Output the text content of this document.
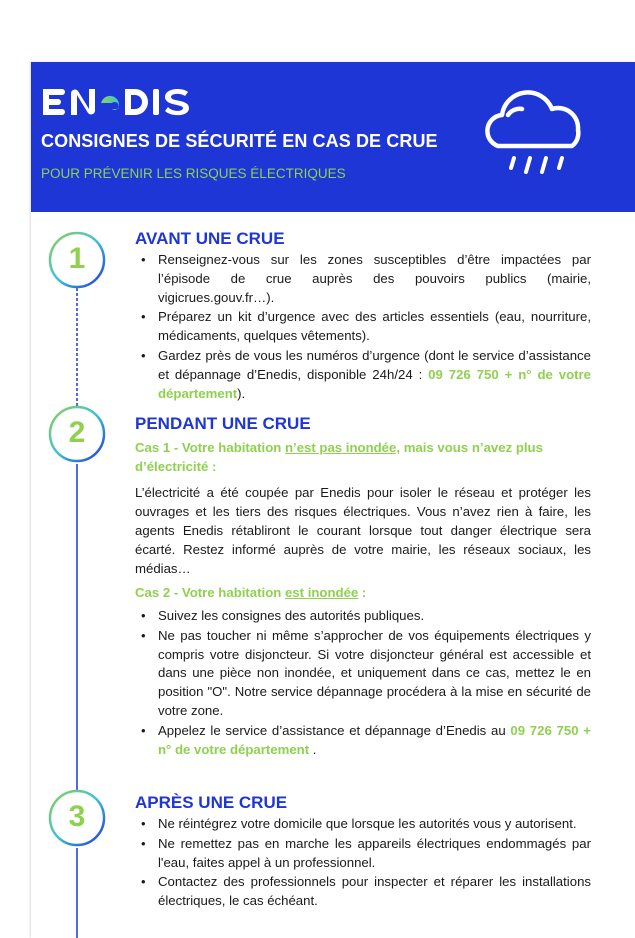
CONSIGNES DE SÉCURITÉ EN CAS DE CRUE
POUR PRÉVENIR LES RISQUES ÉLECTRIQUES
1
2
3
AVANT UNE CRUE
• Renseignez-vous sur les zones susceptibles d’être impactées par l’épisode de crue auprès des pouvoirs publics (mairie, vigicrues.gouv.fr…).
• Préparez un kit d’urgence avec des articles essentiels (eau, nourriture, médicaments, quelques vêtements).
• Gardez près de vous les numéros d’urgence (dont le service d’assistance et dépannage d’Enedis, disponible 24h/24 : 09 726 750 + n° de votre département).
PENDANT UNE CRUE
Cas 1 - Votre habitation n’est pas inondée, mais vous n’avez plus d’électricité :
L’électricité a été coupée par Enedis pour isoler le réseau et protéger les ouvrages et les tiers des risques électriques. Vous n’avez rien à faire, les agents Enedis rétabliront le courant lorsque tout danger électrique sera écarté. Restez informé auprès de votre mairie, les réseaux sociaux, les médias…
Cas 2 - Votre habitation est inondée :
• Suivez les consignes des autorités publiques.
• Ne pas toucher ni même s’approcher de vos équipements électriques y compris votre disjoncteur. Si votre disjoncteur général est accessible et dans une pièce non inondée, et uniquement dans ce cas, mettez le en position "O". Notre service dépannage procédera à la mise en sécurité de votre zone.
• Appelez le service d’assistance et dépannage d’Enedis au 09 726 750 + n° de votre département .
APRÈS UNE CRUE
• Ne réintégrez votre domicile que lorsque les autorités vous y autorisent.
• Ne remettez pas en marche les appareils électriques endommagés par l'eau, faites appel à un professionnel.
• Contactez des professionnels pour inspecter et réparer les installations électriques, le cas échéant.
